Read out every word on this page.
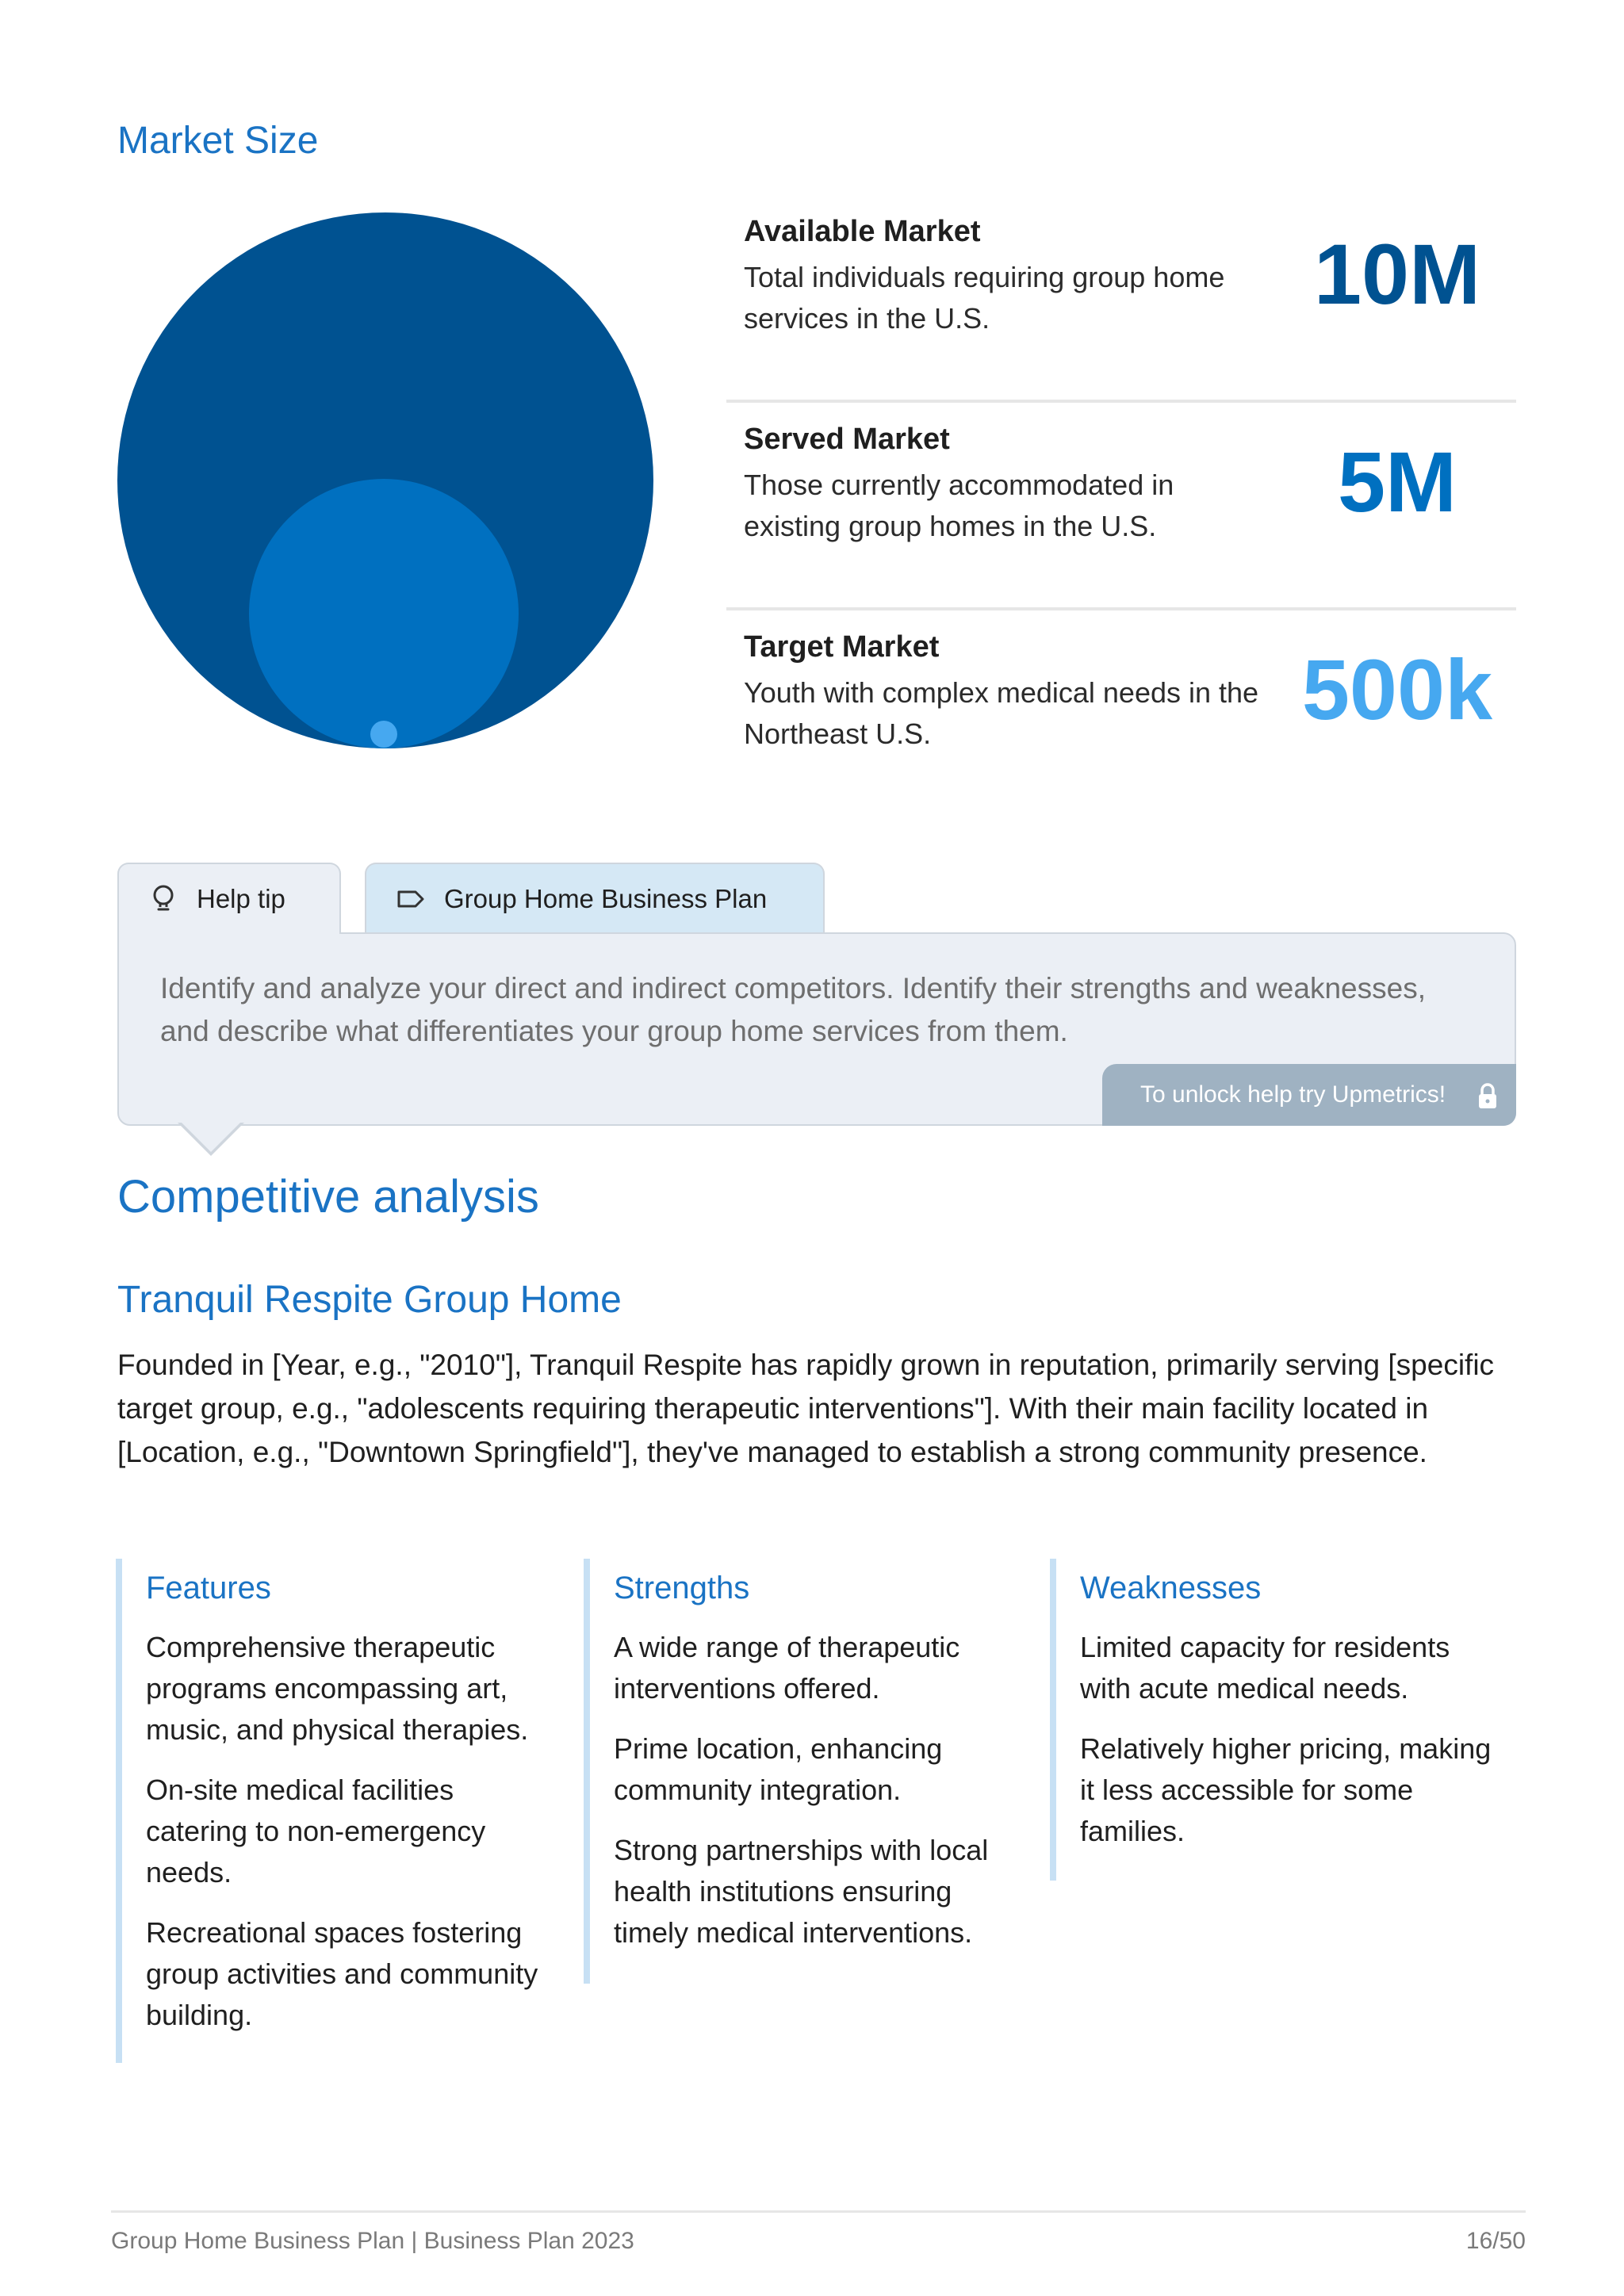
Market Size
Available Market
Total individuals requiring group home services in the U.S.	10M
Served Market
Those currently accommodated in existing group homes in the U.S.	5M
Target Market
Youth with complex medical needs in the Northeast U.S.	500k
Help tip	Group Home Business Plan
Identify and analyze your direct and indirect competitors. Identify their strengths and weaknesses, and describe what differentiates your group home services from them.
To unlock help try Upmetrics!
Competitive analysis
Tranquil Respite Group Home
Founded in [Year, e.g., "2010"], Tranquil Respite has rapidly grown in reputation, primarily serving [specific target group, e.g., "adolescents requiring therapeutic interventions"]. With their main facility located in [Location, e.g., "Downtown Springfield"], they've managed to establish a strong community presence.
Features
Comprehensive therapeutic programs encompassing art, music, and physical therapies.
On-site medical facilities catering to non-emergency needs.
Recreational spaces fostering group activities and community building.
Strengths
A wide range of therapeutic interventions offered.
Prime location, enhancing community integration.
Strong partnerships with local health institutions ensuring timely medical interventions.
Weaknesses
Limited capacity for residents with acute medical needs.
Relatively higher pricing, making it less accessible for some families.
Group Home Business Plan | Business Plan 2023	16/50
